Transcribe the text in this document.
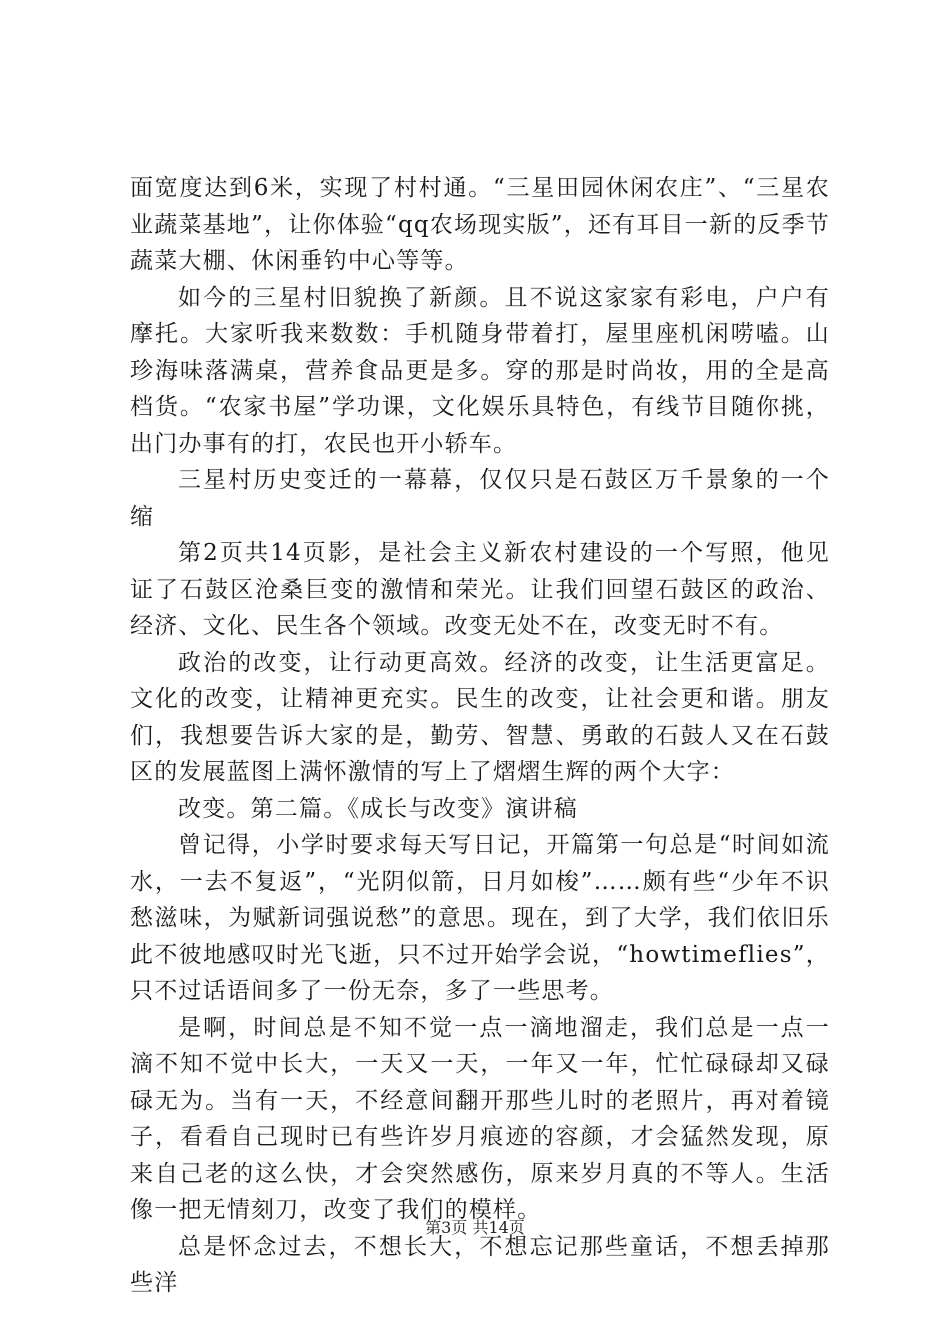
面宽度达到6米，实现了村村通。“三星田园休闲农庄”、“三星农业蔬菜基地”，让你体验“qq农场现实版”，还有耳目一新的反季节蔬菜大棚、休闲垂钓中心等等。

如今的三星村旧貌换了新颜。且不说这家家有彩电，户户有摩托。大家听我来数数：手机随身带着打，屋里座机闲唠嗑。山珍海味落满桌，营养食品更是多。穿的那是时尚妆，用的全是高档货。“农家书屋”学功课，文化娱乐具特色，有线节目随你挑，出门办事有的打，农民也开小轿车。

三星村历史变迁的一幕幕，仅仅只是石鼓区万千景象的一个缩

第2页共14页影，是社会主义新农村建设的一个写照，他见证了石鼓区沧桑巨变的激情和荣光。让我们回望石鼓区的政治、经济、文化、民生各个领域。改变无处不在，改变无时不有。

政治的改变，让行动更高效。经济的改变，让生活更富足。文化的改变，让精神更充实。民生的改变，让社会更和谐。朋友们，我想要告诉大家的是，勤劳、智慧、勇敢的石鼓人又在石鼓区的发展蓝图上满怀激情的写上了熠熠生辉的两个大字：

改变。第二篇。《成长与改变》演讲稿

曾记得，小学时要求每天写日记，开篇第一句总是“时间如流水，一去不复返”，“光阴似箭，日月如梭”……颇有些“少年不识愁滋味，为赋新词强说愁”的意思。现在，到了大学，我们依旧乐此不彼地感叹时光飞逝，只不过开始学会说，“howtimeflies”，只不过话语间多了一份无奈，多了一些思考。

是啊，时间总是不知不觉一点一滴地溜走，我们总是一点一滴不知不觉中长大，一天又一天，一年又一年，忙忙碌碌却又碌碌无为。当有一天，不经意间翻开那些儿时的老照片，再对着镜子，看看自己现时已有些许岁月痕迹的容颜，才会猛然发现，原来自己老的这么快，才会突然感伤，原来岁月真的不等人。生活像一把无情刻刀，改变了我们的模样。

总是怀念过去，不想长大，不想忘记那些童话，不想丢掉那些洋

第3页 共14页
